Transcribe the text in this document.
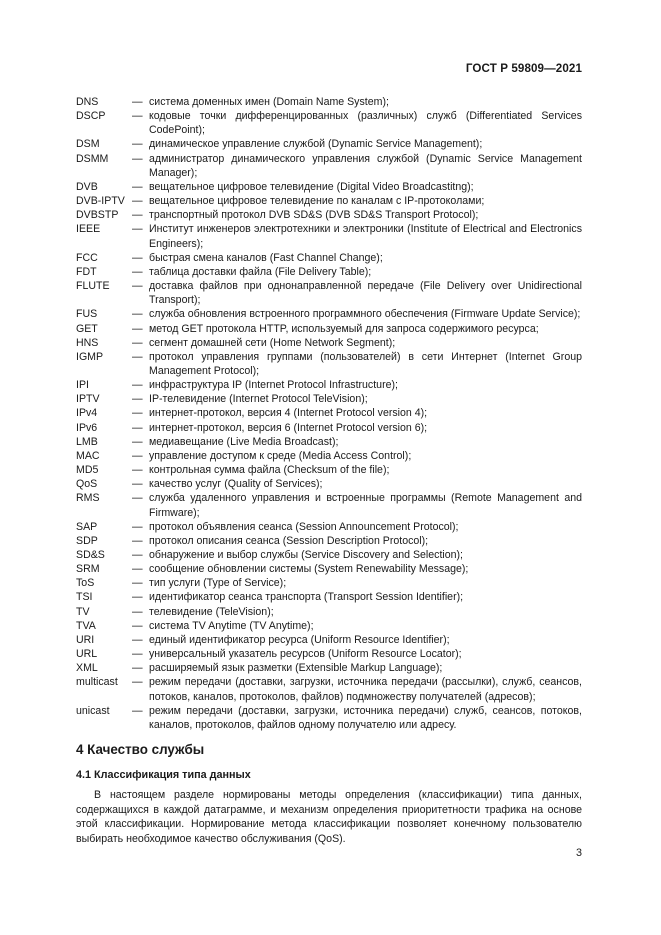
ГОСТ Р 59809—2021
DNS	— система доменных имен (Domain Name System);
DSCP	— кодовые точки дифференцированных (различных) служб (Differentiated Services CodePoint);
DSM	— динамическое управление службой (Dynamic Service Management);
DSMM	— администратор динамического управления службой (Dynamic Service Management Manager);
DVB	— вещательное цифровое телевидение (Digital Video Broadcastitng);
DVB-IPTV — вещательное цифровое телевидение по каналам с IP-протоколами;
DVBSTP	— транспортный протокол DVB SD&S (DVB SD&S Transport Protocol);
IEEE	— Институт инженеров электротехники и электроники (Institute of Electrical and Electronics Engineers);
FCC	— быстрая смена каналов (Fast Channel Change);
FDT	— таблица доставки файла (File Delivery Table);
FLUTE	— доставка файлов при однонаправленной передаче (File Delivery over Unidirectional Transport);
FUS	— служба обновления встроенного программного обеспечения (Firmware Update Service);
GET	— метод GET протокола HTTP, используемый для запроса содержимого ресурса;
HNS	— сегмент домашней сети (Home Network Segment);
IGMP	— протокол управления группами (пользователей) в сети Интернет (Internet Group Management Protocol);
IPI	— инфраструктура IP (Internet Protocol Infrastructure);
IPTV	— IP-телевидение (Internet Protocol TeleVision);
IPv4	— интернет-протокол, версия 4 (Internet Protocol version 4);
IPv6	— интернет-протокол, версия 6 (Internet Protocol version 6);
LMB	— медиавещание (Live Media Broadcast);
MAC	— управление доступом к среде (Media Access Control);
MD5	— контрольная сумма файла (Checksum of the file);
QoS	— качество услуг (Quality of Services);
RMS	— служба удаленного управления и встроенные программы (Remote Management and Firmware);
SAP	— протокол объявления сеанса (Session Announcement Protocol);
SDP	— протокол описания сеанса (Session Description Protocol);
SD&S	— обнаружение и выбор службы (Service Discovery and Selection);
SRM	— сообщение обновлении системы (System Renewability Message);
ToS	— тип услуги (Type of Service);
TSI	— идентификатор сеанса транспорта (Transport Session Identifier);
TV	— телевидение (TeleVision);
TVA	— система TV Anytime (TV Anytime);
URI	— единый идентификатор ресурса (Uniform Resource Identifier);
URL	— универсальный указатель ресурсов (Uniform Resource Locator);
XML	— расширяемый язык разметки (Extensible Markup Language);
multicast	— режим передачи (доставки, загрузки, источника передачи (рассылки), служб, сеансов, потоков, каналов, протоколов, файлов) подмножеству получателей (адресов);
unicast	— режим передачи (доставки, загрузки, источника передачи) служб, сеансов, потоков, каналов, протоколов, файлов одному получателю или адресу.
4 Качество службы
4.1 Классификация типа данных

В настоящем разделе нормированы методы определения (классификации) типа данных, содержащихся в каждой датаграмме, и механизм определения приоритетности трафика на основе этой классификации. Нормирование метода классификации позволяет конечному пользователю выбирать необходимое качество обслуживания (QoS).

3
